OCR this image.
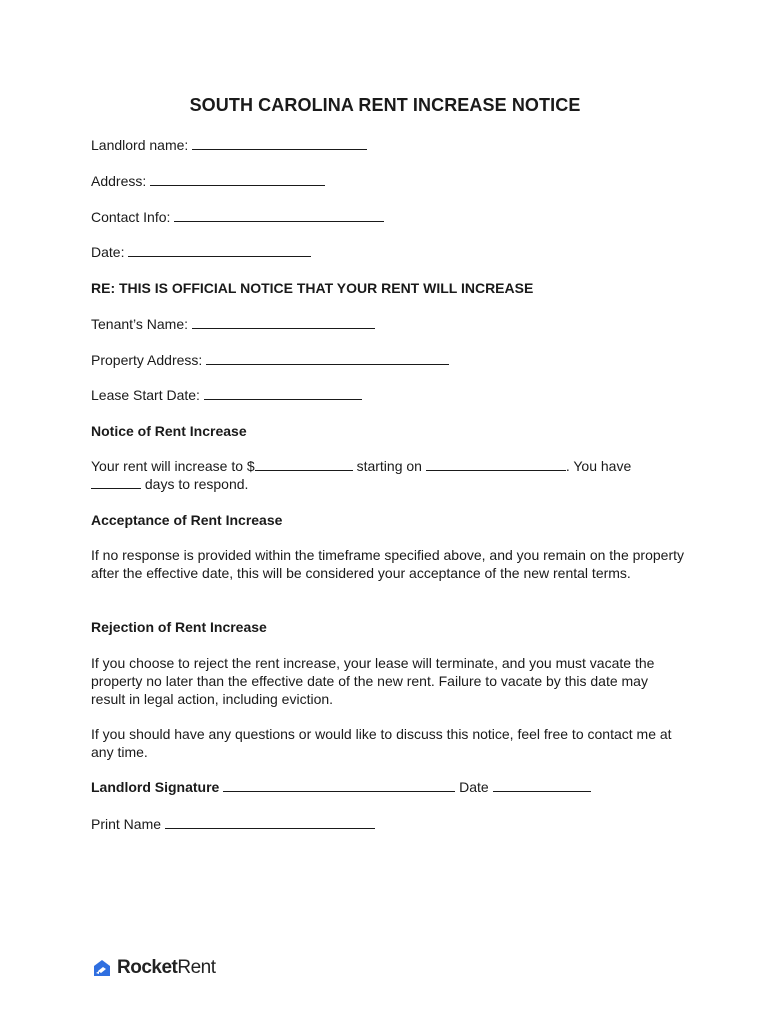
SOUTH CAROLINA RENT INCREASE NOTICE
Landlord name:
Address:
Contact Info:
Date:
RE: THIS IS OFFICIAL NOTICE THAT YOUR RENT WILL INCREASE
Tenant’s Name:
Property Address:
Lease Start Date:
Notice of Rent Increase
Your rent will increase to $	starting on	. You have
days to respond.
Acceptance of Rent Increase
If no response is provided within the timeframe specified above, and you remain on the property after the effective date, this will be considered your acceptance of the new rental terms.
Rejection of Rent Increase
If you choose to reject the rent increase, your lease will terminate, and you must vacate the property no later than the effective date of the new rent. Failure to vacate by this date may result in legal action, including eviction.
If you should have any questions or would like to discuss this notice, feel free to contact me at any time.
Landlord Signature	Date
Print Name
RocketRent
